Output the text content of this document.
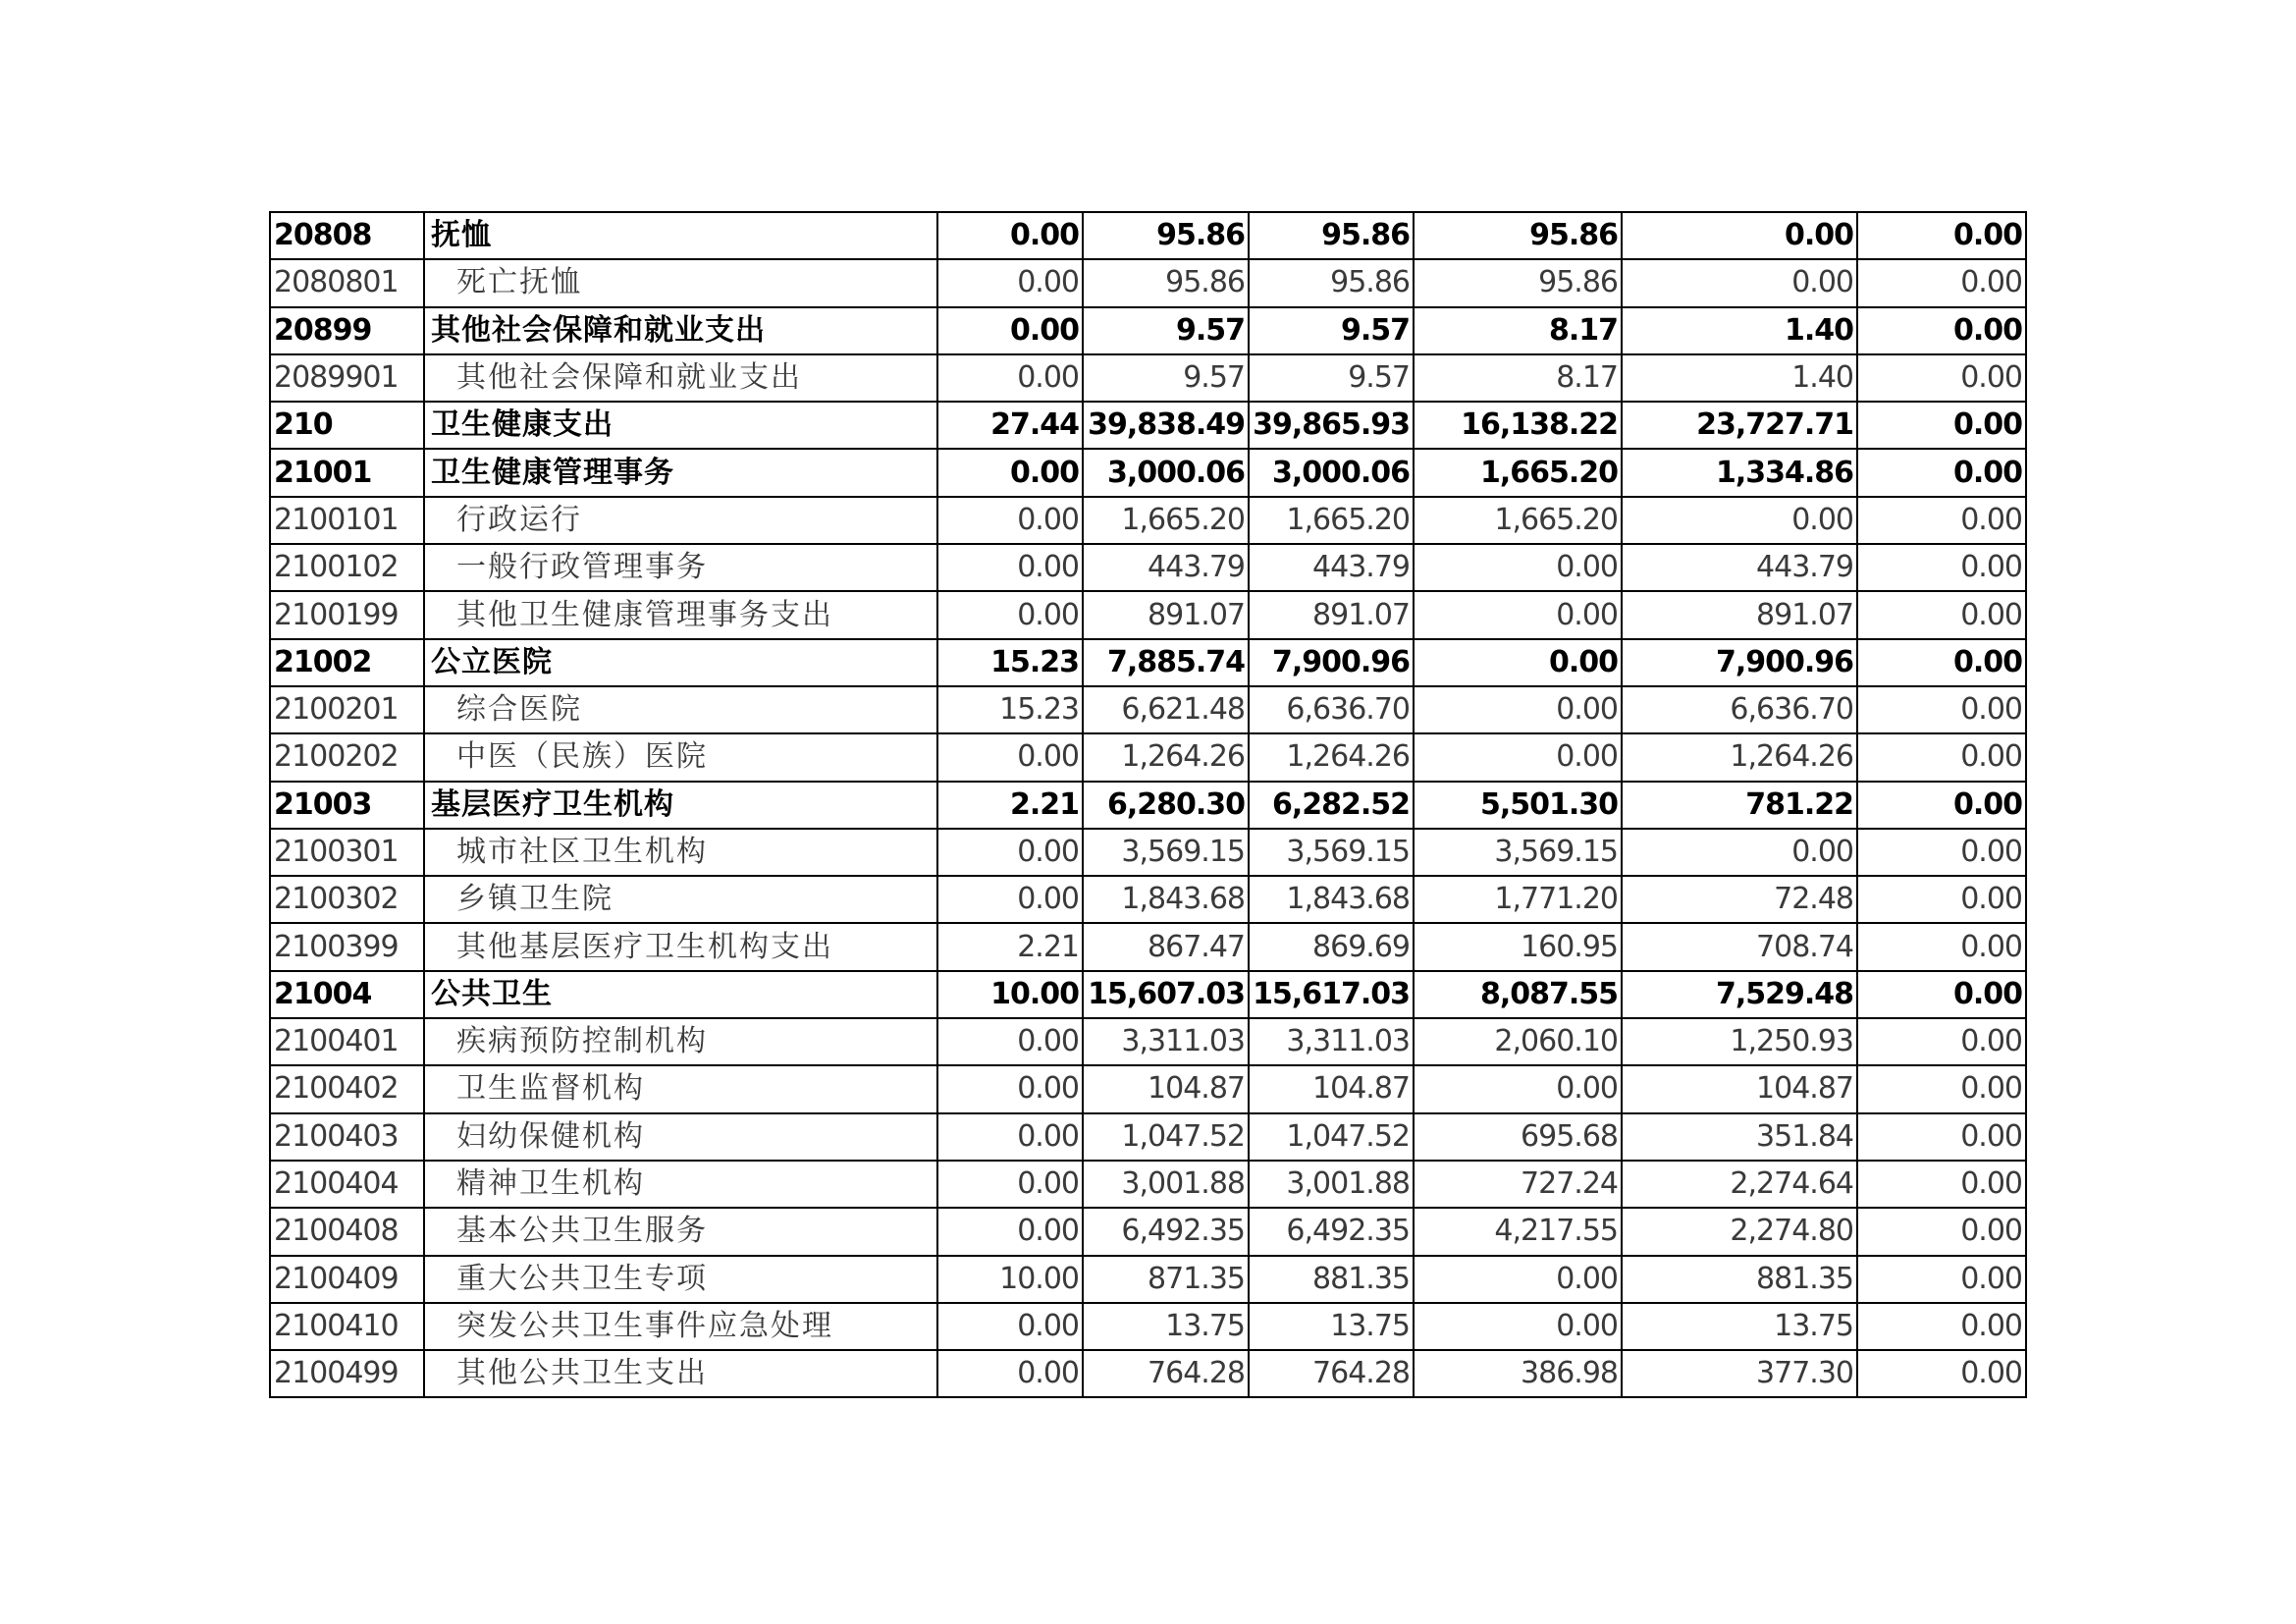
20808	抚恤	0.00	95.86	95.86	95.86	0.00	0.00
2080801	死亡抚恤	0.00	95.86	95.86	95.86	0.00	0.00
20899	其他社会保障和就业支出	0.00	9.57	9.57	8.17	1.40	0.00
2089901	其他社会保障和就业支出	0.00	9.57	9.57	8.17	1.40	0.00
210	卫生健康支出	27.44	39,838.49	39,865.93	16,138.22	23,727.71	0.00
21001	卫生健康管理事务	0.00	3,000.06	3,000.06	1,665.20	1,334.86	0.00
2100101	行政运行	0.00	1,665.20	1,665.20	1,665.20	0.00	0.00
2100102	一般行政管理事务	0.00	443.79	443.79	0.00	443.79	0.00
2100199	其他卫生健康管理事务支出	0.00	891.07	891.07	0.00	891.07	0.00
21002	公立医院	15.23	7,885.74	7,900.96	0.00	7,900.96	0.00
2100201	综合医院	15.23	6,621.48	6,636.70	0.00	6,636.70	0.00
2100202	中医（民族）医院	0.00	1,264.26	1,264.26	0.00	1,264.26	0.00
21003	基层医疗卫生机构	2.21	6,280.30	6,282.52	5,501.30	781.22	0.00
2100301	城市社区卫生机构	0.00	3,569.15	3,569.15	3,569.15	0.00	0.00
2100302	乡镇卫生院	0.00	1,843.68	1,843.68	1,771.20	72.48	0.00
2100399	其他基层医疗卫生机构支出	2.21	867.47	869.69	160.95	708.74	0.00
21004	公共卫生	10.00	15,607.03	15,617.03	8,087.55	7,529.48	0.00
2100401	疾病预防控制机构	0.00	3,311.03	3,311.03	2,060.10	1,250.93	0.00
2100402	卫生监督机构	0.00	104.87	104.87	0.00	104.87	0.00
2100403	妇幼保健机构	0.00	1,047.52	1,047.52	695.68	351.84	0.00
2100404	精神卫生机构	0.00	3,001.88	3,001.88	727.24	2,274.64	0.00
2100408	基本公共卫生服务	0.00	6,492.35	6,492.35	4,217.55	2,274.80	0.00
2100409	重大公共卫生专项	10.00	871.35	881.35	0.00	881.35	0.00
2100410	突发公共卫生事件应急处理	0.00	13.75	13.75	0.00	13.75	0.00
2100499	其他公共卫生支出	0.00	764.28	764.28	386.98	377.30	0.00
